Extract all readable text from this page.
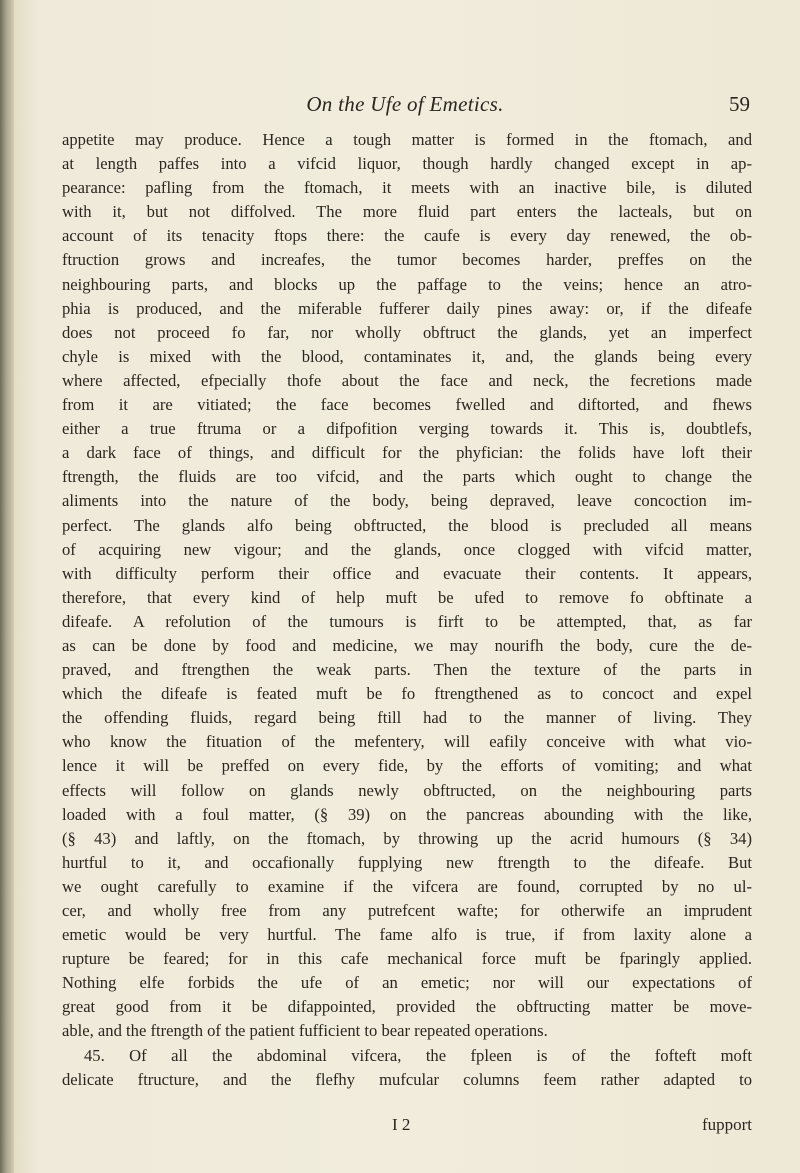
On the Ufe of Emetics.	59
appetite may produce. Hence a tough matter is formed in the ftomach, and
at length paffes into a vifcid liquor, though hardly changed except in ap-
pearance: pafling from the ftomach, it meets with an inactive bile, is diluted
with it, but not diffolved. The more fluid part enters the lacteals, but on
account of its tenacity ftops there: the caufe is every day renewed, the ob-
ftruction grows and increafes, the tumor becomes harder, preffes on the
neighbouring parts, and blocks up the paffage to the veins; hence an atro-
phia is produced, and the miferable fufferer daily pines away: or, if the difeafe
does not proceed fo far, nor wholly obftruct the glands, yet an imperfect
chyle is mixed with the blood, contaminates it, and, the glands being every
where affected, efpecially thofe about the face and neck, the fecretions made
from it are vitiated; the face becomes fwelled and diftorted, and fhews
either a true ftruma or a difpofition verging towards it. This is, doubtlefs,
a dark face of things, and difficult for the phyfician: the folids have loft their
ftrength, the fluids are too vifcid, and the parts which ought to change the
aliments into the nature of the body, being depraved, leave concoction im-
perfect. The glands alfo being obftructed, the blood is precluded all means
of acquiring new vigour; and the glands, once clogged with vifcid matter,
with difficulty perform their office and evacuate their contents. It appears,
therefore, that every kind of help muft be ufed to remove fo obftinate a
difeafe. A refolution of the tumours is firft to be attempted, that, as far
as can be done by food and medicine, we may nourifh the body, cure the de-
praved, and ftrengthen the weak parts. Then the texture of the parts in
which the difeafe is feated muft be fo ftrengthened as to concoct and expel
the offending fluids, regard being ftill had to the manner of living. They
who know the fituation of the mefentery, will eafily conceive with what vio-
lence it will be preffed on every fide, by the efforts of vomiting; and what
effects will follow on glands newly obftructed, on the neighbouring parts
loaded with a foul matter, (§ 39) on the pancreas abounding with the like,
(§ 43) and laftly, on the ftomach, by throwing up the acrid humours (§ 34)
hurtful to it, and occafionally fupplying new ftrength to the difeafe. But
we ought carefully to examine if the vifcera are found, corrupted by no ul-
cer, and wholly free from any putrefcent wafte; for otherwife an imprudent
emetic would be very hurtful. The fame alfo is true, if from laxity alone a
rupture be feared; for in this cafe mechanical force muft be fparingly applied.
Nothing elfe forbids the ufe of an emetic; nor will our expectations of
great good from it be difappointed, provided the obftructing matter be move-
able, and the ftrength of the patient fufficient to bear repeated operations.
45. Of all the abdominal vifcera, the fpleen is of the fofteft moft
delicate ftructure, and the flefhy mufcular columns feem rather adapted to
I 2	fupport
